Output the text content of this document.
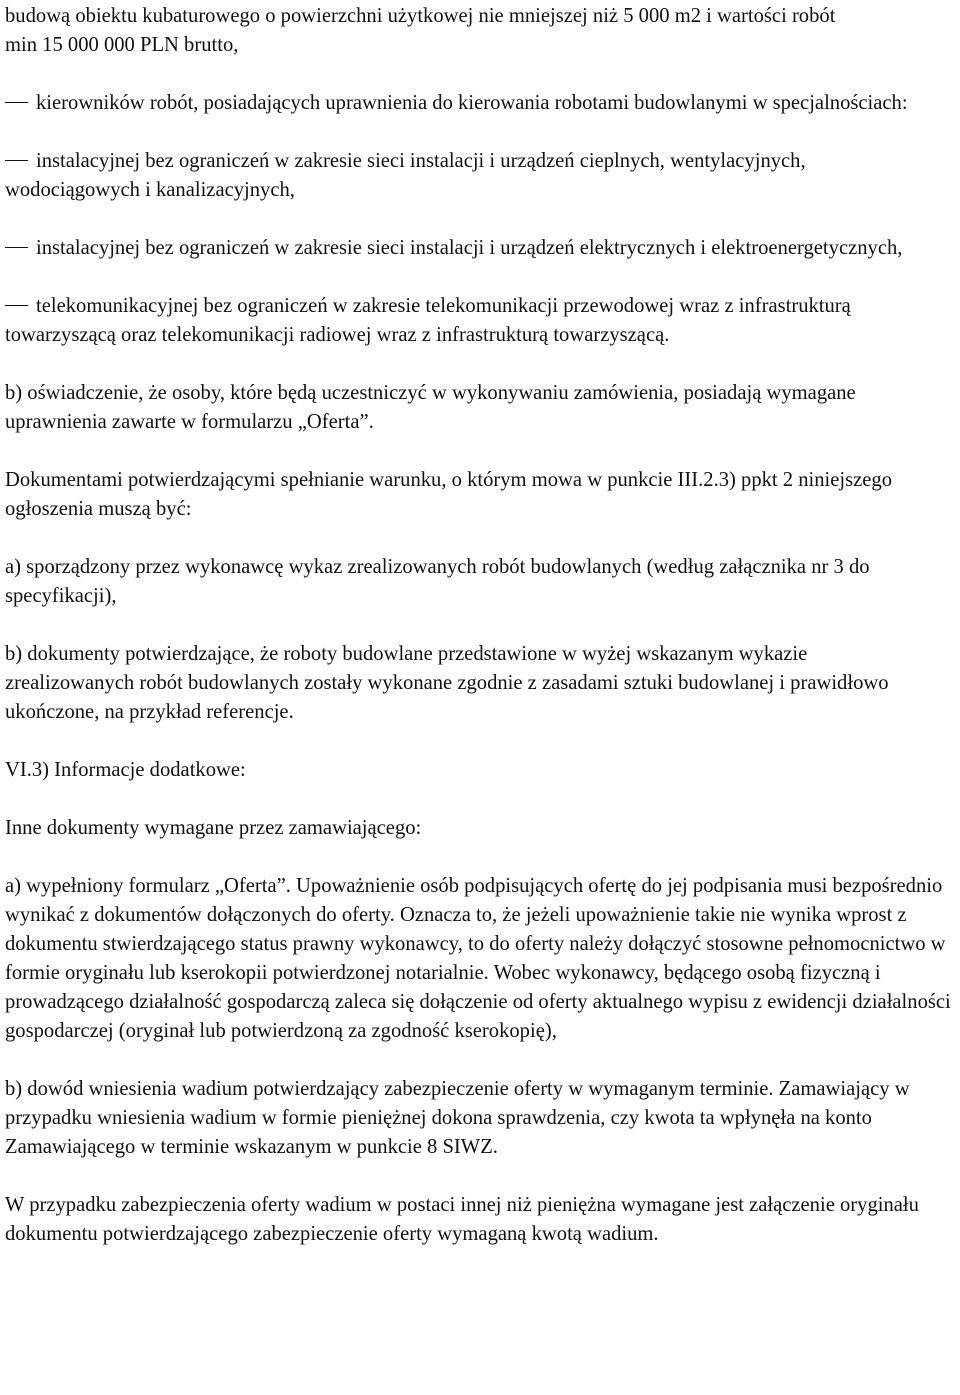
budową obiektu kubaturowego o powierzchni użytkowej nie mniejszej niż 5 000 m2 i wartości robót min 15 000 000 PLN brutto,

kierowników robót, posiadających uprawnienia do kierowania robotami budowlanymi w specjalnościach:

instalacyjnej bez ograniczeń w zakresie sieci instalacji i urządzeń cieplnych, wentylacyjnych, wodociągowych i kanalizacyjnych,

instalacyjnej bez ograniczeń w zakresie sieci instalacji i urządzeń elektrycznych i elektroenergetycznych,

telekomunikacyjnej bez ograniczeń w zakresie telekomunikacji przewodowej wraz z infrastrukturą towarzyszącą oraz telekomunikacji radiowej wraz z infrastrukturą towarzyszącą.

b) oświadczenie, że osoby, które będą uczestniczyć w wykonywaniu zamówienia, posiadają wymagane uprawnienia zawarte w formularzu „Oferta”.

Dokumentami potwierdzającymi spełnianie warunku, o którym mowa w punkcie III.2.3) ppkt 2 niniejszego ogłoszenia muszą być:

a) sporządzony przez wykonawcę wykaz zrealizowanych robót budowlanych (według załącznika nr 3 do specyfikacji),

b) dokumenty potwierdzające, że roboty budowlane przedstawione w wyżej wskazanym wykazie zrealizowanych robót budowlanych zostały wykonane zgodnie z zasadami sztuki budowlanej i prawidłowo ukończone, na przykład referencje.

VI.3) Informacje dodatkowe:

Inne dokumenty wymagane przez zamawiającego:

a) wypełniony formularz „Oferta”. Upoważnienie osób podpisujących ofertę do jej podpisania musi bezpośrednio wynikać z dokumentów dołączonych do oferty. Oznacza to, że jeżeli upoważnienie takie nie wynika wprost z dokumentu stwierdzającego status prawny wykonawcy, to do oferty należy dołączyć stosowne pełnomocnictwo w formie oryginału lub kserokopii potwierdzonej notarialnie. Wobec wykonawcy, będącego osobą fizyczną i prowadzącego działalność gospodarczą zaleca się dołączenie od oferty aktualnego wypisu z ewidencji działalności gospodarczej (oryginał lub potwierdzoną za zgodność kserokopię),

b) dowód wniesienia wadium potwierdzający zabezpieczenie oferty w wymaganym terminie. Zamawiający w przypadku wniesienia wadium w formie pieniężnej dokona sprawdzenia, czy kwota ta wpłynęła na konto Zamawiającego w terminie wskazanym w punkcie 8 SIWZ.

W przypadku zabezpieczenia oferty wadium w postaci innej niż pieniężna wymagane jest załączenie oryginału dokumentu potwierdzającego zabezpieczenie oferty wymaganą kwotą wadium.
